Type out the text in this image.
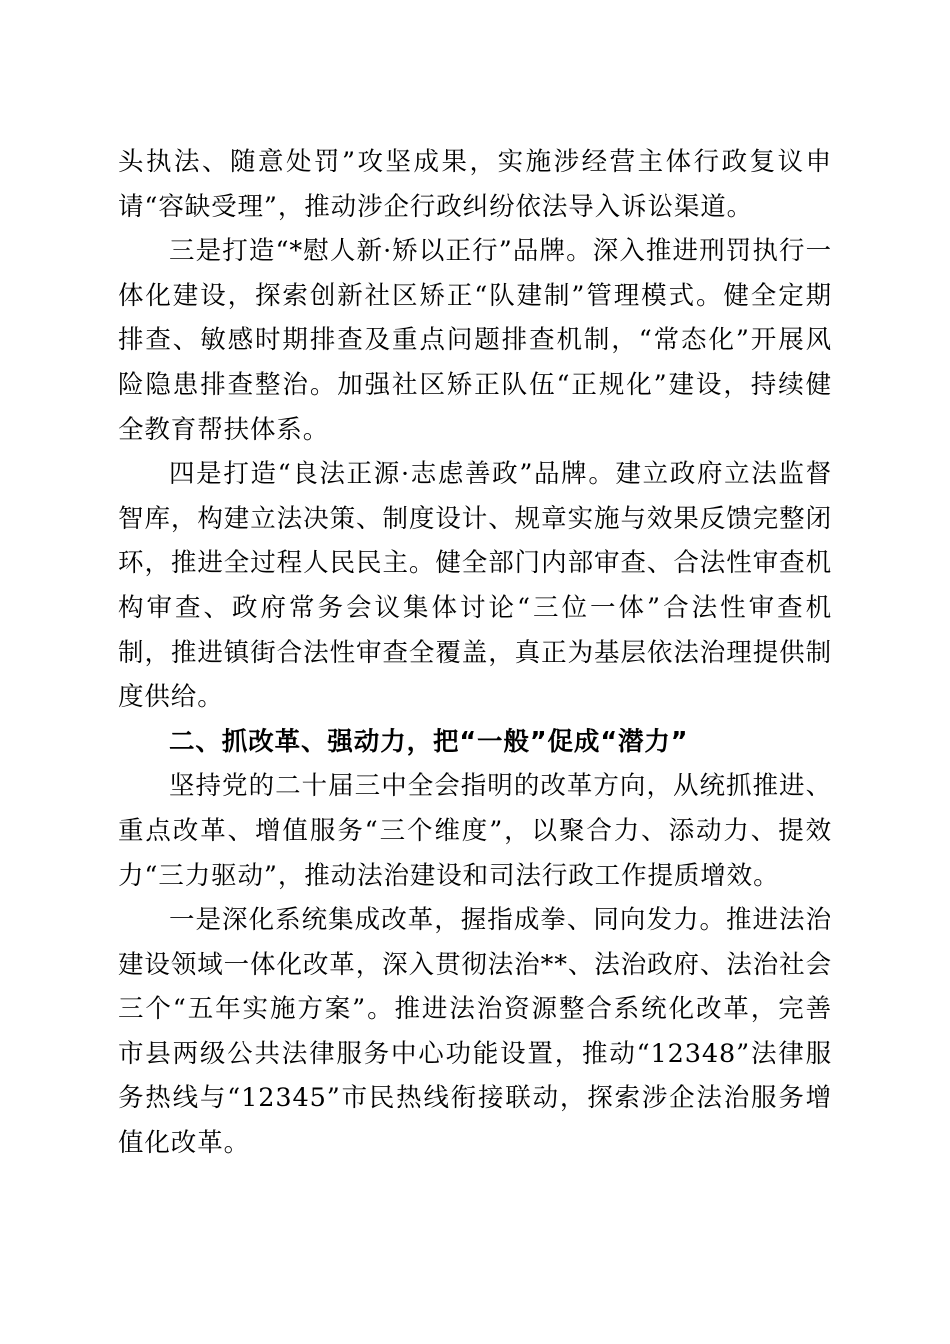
头执法、随意处罚”攻坚成果，实施涉经营主体行政复议申请“容缺受理”，推动涉企行政纠纷依法导入诉讼渠道。

三是打造“*慰人新·矫以正行”品牌。深入推进刑罚执行一体化建设，探索创新社区矫正“队建制”管理模式。健全定期排查、敏感时期排查及重点问题排查机制，“常态化”开展风险隐患排查整治。加强社区矫正队伍“正规化”建设，持续健全教育帮扶体系。

四是打造“良法正源·志虑善政”品牌。建立政府立法监督智库，构建立法决策、制度设计、规章实施与效果反馈完整闭环，推进全过程人民民主。健全部门内部审查、合法性审查机构审查、政府常务会议集体讨论“三位一体”合法性审查机制，推进镇街合法性审查全覆盖，真正为基层依法治理提供制度供给。

二、抓改革、强动力，把“一般”促成“潜力”

坚持党的二十届三中全会指明的改革方向，从统抓推进、重点改革、增值服务“三个维度”，以聚合力、添动力、提效力“三力驱动”，推动法治建设和司法行政工作提质增效。

一是深化系统集成改革，握指成拳、同向发力。推进法治建设领域一体化改革，深入贯彻法治**、法治政府、法治社会三个“五年实施方案”。推进法治资源整合系统化改革，完善市县两级公共法律服务中心功能设置，推动“12348”法律服务热线与“12345”市民热线衔接联动，探索涉企法治服务增值化改革。
